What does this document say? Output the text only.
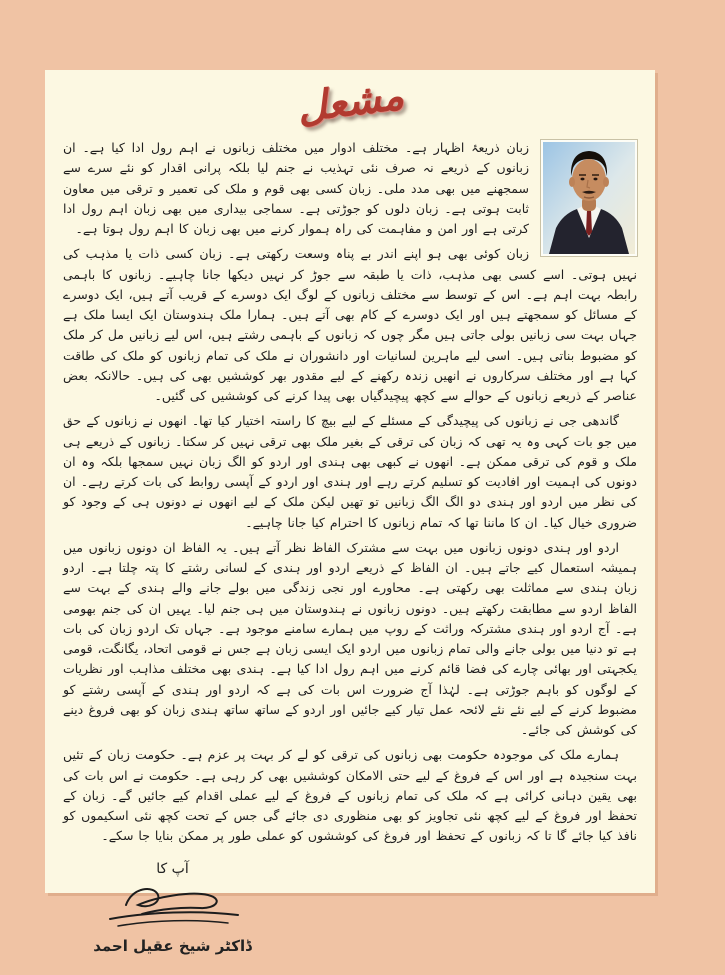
مشعل
زبان ذریعۂ اظہار ہے۔ مختلف ادوار میں مختلف زبانوں نے اہم رول ادا کیا ہے۔ ان زبانوں کے ذریعے نہ صرف نئی تہذیب نے جنم لیا بلکہ پرانی اقدار کو نئے سرے سے سمجھنے میں بھی مدد ملی۔ زبان کسی بھی قوم و ملک کی تعمیر و ترقی میں معاون ثابت ہوتی ہے۔ زبان دلوں کو جوڑتی ہے۔ سماجی بیداری میں بھی زبان اہم رول ادا کرتی ہے اور امن و مفاہمت کی راہ ہموار کرنے میں بھی زبان کا اہم رول ہوتا ہے۔

زبان کوئی بھی ہو اپنے اندر بے پناہ وسعت رکھتی ہے۔ زبان کسی ذات یا مذہب کی نہیں ہوتی۔ اسے کسی بھی مذہب، ذات یا طبقہ سے جوڑ کر نہیں دیکھا جانا چاہیے۔ زبانوں کا باہمی رابطہ بہت اہم ہے۔ اس کے توسط سے مختلف زبانوں کے لوگ ایک دوسرے کے قریب آتے ہیں، ایک دوسرے کے مسائل کو سمجھتے ہیں اور ایک دوسرے کے کام بھی آتے ہیں۔ ہمارا ملک ہندوستان ایک ایسا ملک ہے جہاں بہت سی زبانیں بولی جاتی ہیں مگر چوں کہ زبانوں کے باہمی رشتے ہیں، اس لیے زبانیں مل کر ملک کو مضبوط بناتی ہیں۔ اسی لیے ماہرین لسانیات اور دانشوران نے ملک کی تمام زبانوں کو ملک کی طاقت کہا ہے اور مختلف سرکاروں نے انھیں زندہ رکھنے کے لیے مقدور بھر کوششیں بھی کی ہیں۔ حالانکہ بعض عناصر کے ذریعے زبانوں کے حوالے سے کچھ پیچیدگیاں بھی پیدا کرنے کی کوششیں کی گئیں۔

گاندھی جی نے زبانوں کی پیچیدگی کے مسئلے کے لیے بیچ کا راستہ اختیار کیا تھا۔ انھوں نے زبانوں کے حق میں جو بات کہی وہ یہ تھی کہ زبان کی ترقی کے بغیر ملک بھی ترقی نہیں کر سکتا۔ زبانوں کے ذریعے ہی ملک و قوم کی ترقی ممکن ہے۔ انھوں نے کبھی بھی ہندی اور اردو کو الگ زبان نہیں سمجھا بلکہ وہ ان دونوں کی اہمیت اور افادیت کو تسلیم کرتے رہے اور ہندی اور اردو کے آپسی روابط کی بات کرتے رہے۔ ان کی نظر میں اردو اور ہندی دو الگ الگ زبانیں تو تھیں لیکن ملک کے لیے انھوں نے دونوں ہی کے وجود کو ضروری خیال کیا۔ ان کا ماننا تھا کہ تمام زبانوں کا احترام کیا جانا چاہیے۔

اردو اور ہندی دونوں زبانوں میں بہت سے مشترک الفاظ نظر آتے ہیں۔ یہ الفاظ ان دونوں زبانوں میں ہمیشہ استعمال کیے جاتے ہیں۔ ان الفاظ کے ذریعے اردو اور ہندی کے لسانی رشتے کا پتہ چلتا ہے۔ اردو زبان ہندی سے مماثلت بھی رکھتی ہے۔ محاورے اور نجی زندگی میں بولے جانے والے ہندی کے بہت سے الفاظ اردو سے مطابقت رکھتے ہیں۔ دونوں زبانوں نے ہندوستان میں ہی جنم لیا۔ یہیں ان کی جنم بھومی ہے۔ آج اردو اور ہندی مشترکہ وراثت کے روپ میں ہمارے سامنے موجود ہے۔ جہاں تک اردو زبان کی بات ہے تو دنیا میں بولی جانے والی تمام زبانوں میں اردو ایک ایسی زبان ہے جس نے قومی اتحاد، یگانگت، قومی یکجہتی اور بھائی چارے کی فضا قائم کرنے میں اہم رول ادا کیا ہے۔ ہندی بھی مختلف مذاہب اور نظریات کے لوگوں کو باہم جوڑتی ہے۔ لہٰذا آج ضرورت اس بات کی ہے کہ اردو اور ہندی کے آپسی رشتے کو مضبوط کرنے کے لیے نئے نئے لائحہ عمل تیار کیے جائیں اور اردو کے ساتھ ساتھ ہندی زبان کو بھی فروغ دینے کی کوشش کی جائے۔

ہمارے ملک کی موجودہ حکومت بھی زبانوں کی ترقی کو لے کر بہت پر عزم ہے۔ حکومت زبان کے تئیں بہت سنجیدہ ہے اور اس کے فروغ کے لیے حتی الامکان کوششیں بھی کر رہی ہے۔ حکومت نے اس بات کی بھی یقین دہانی کرائی ہے کہ ملک کی تمام زبانوں کے فروغ کے لیے عملی اقدام کیے جائیں گے۔ زبان کے تحفظ اور فروغ کے لیے کچھ نئی تجاویز کو بھی منظوری دی جائے گی جس کے تحت کچھ نئی اسکیموں کو نافذ کیا جائے گا تا کہ زبانوں کے تحفظ اور فروغ کی کوششوں کو عملی طور پر ممکن بنایا جا سکے۔

آپ کا
ڈاکٹر شیخ عقیل احمد
